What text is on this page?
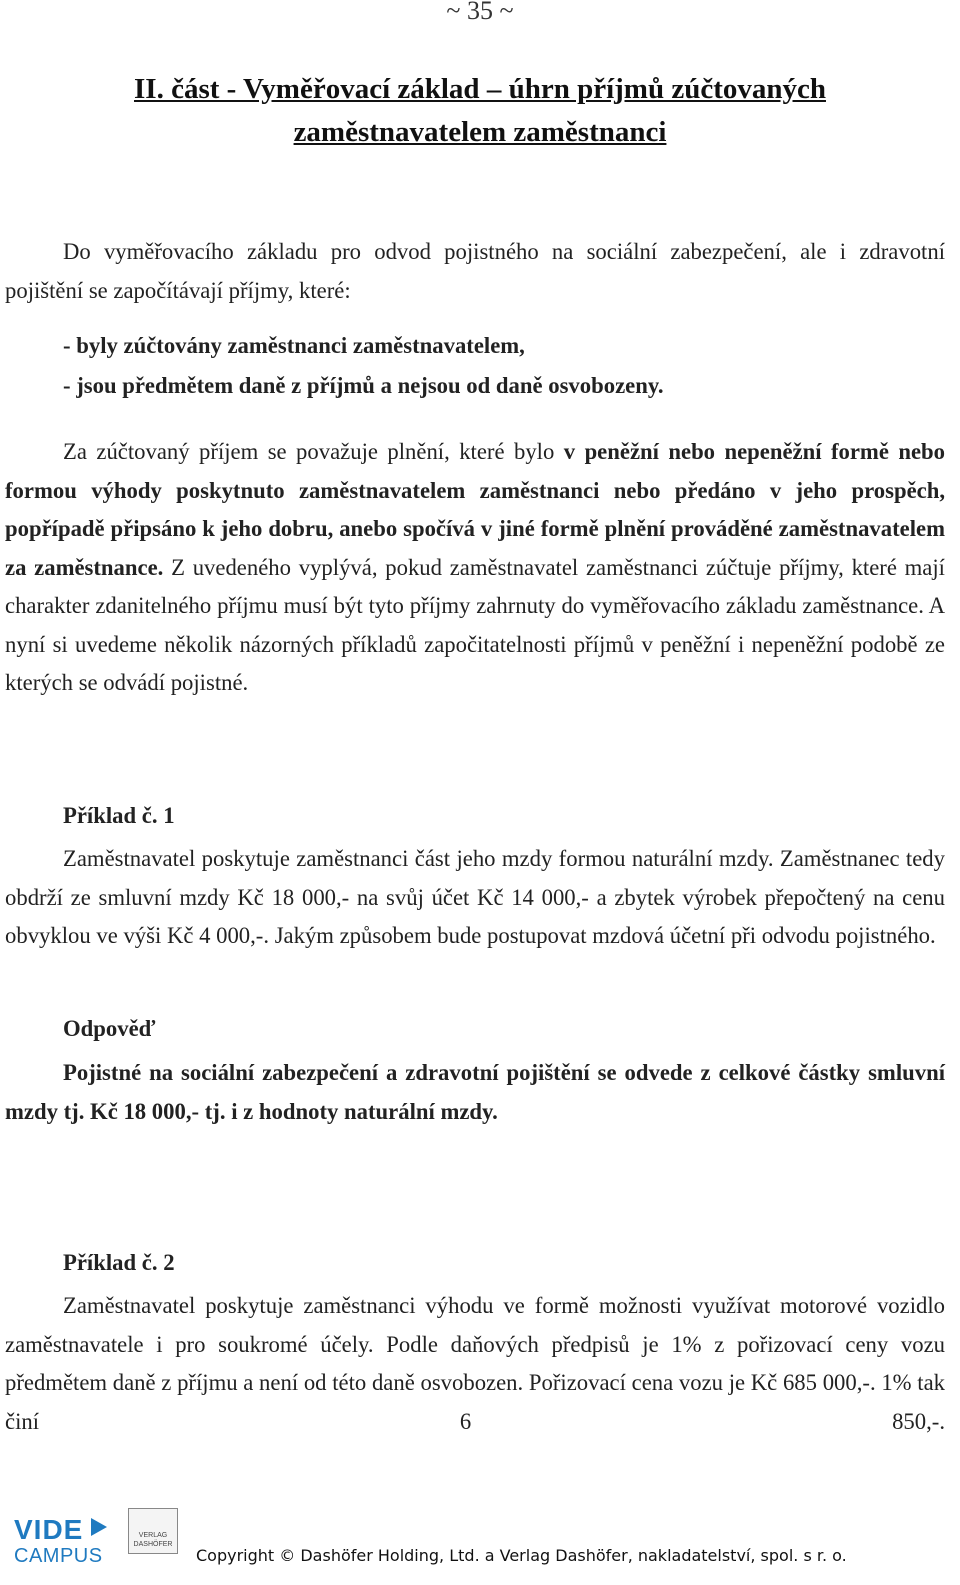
~ 35 ~
II. část - Vyměřovací základ – úhrn příjmů zúčtovaných
zaměstnavatelem zaměstnanci
Do vyměřovacího základu pro odvod pojistného na sociální zabezpečení, ale i zdravotní pojištění se započítávají příjmy, které:
- byly zúčtovány zaměstnanci zaměstnavatelem,
- jsou předmětem daně z příjmů a nejsou od daně osvobozeny.
Za zúčtovaný příjem se považuje plnění, které bylo v peněžní nebo nepeněžní formě nebo formou výhody poskytnuto zaměstnavatelem zaměstnanci nebo předáno v jeho prospěch, popřípadě připsáno k jeho dobru, anebo spočívá v jiné formě plnění prováděné zaměstnavatelem za zaměstnance. Z uvedeného vyplývá, pokud zaměstnavatel zaměstnanci zúčtuje příjmy, které mají charakter zdanitelného příjmu musí být tyto příjmy zahrnuty do vyměřovacího základu zaměstnance. A nyní si uvedeme několik názorných příkladů započitatelnosti příjmů v peněžní i nepeněžní podobě ze kterých se odvádí pojistné.
Příklad č. 1
Zaměstnavatel poskytuje zaměstnanci část jeho mzdy formou naturální mzdy. Zaměstnanec tedy obdrží ze smluvní mzdy Kč 18 000,- na svůj účet Kč 14 000,- a zbytek výrobek přepočtený na cenu obvyklou ve výši Kč 4 000,-. Jakým způsobem bude postupovat mzdová účetní při odvodu pojistného.
Odpověď
Pojistné na sociální zabezpečení a zdravotní pojištění se odvede z celkové částky smluvní mzdy tj. Kč 18 000,- tj. i z hodnoty naturální mzdy.
Příklad č. 2
Zaměstnavatel poskytuje zaměstnanci výhodu ve formě možnosti využívat motorové vozidlo zaměstnavatele i pro soukromé účely. Podle daňových předpisů je 1% z pořizovací ceny vozu předmětem daně z příjmu a není od této daně osvobozen. Pořizovací cena vozu je Kč 685 000,-. 1% tak činí 6 850,-.
VIDE
CAMPUS
VERLAG DASHÖFER
Copyright © Dashöfer Holding, Ltd. a Verlag Dashöfer, nakladatelství, spol. s r. o.
